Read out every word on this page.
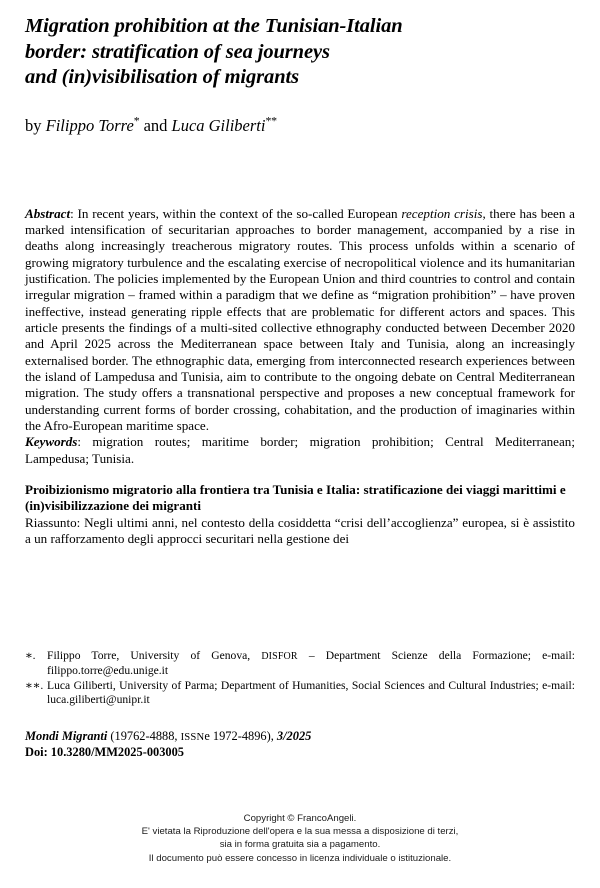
Migration prohibition at the Tunisian-Italian
border: stratification of sea journeys
and (in)visibilisation of migrants

by Filippo Torre* and Luca Giliberti**

Abstract: In recent years, within the context of the so-called European reception crisis, there has been a marked intensification of securitarian approaches to border management, accompanied by a rise in deaths along increasingly treacherous migratory routes. This process unfolds within a scenario of growing migratory turbulence and the escalating exercise of necropolitical violence and its humanitarian justification. The policies implemented by the European Union and third countries to control and contain irregular migration – framed within a paradigm that we define as “migration prohibition” – have proven ineffective, instead generating ripple effects that are problematic for different actors and spaces. This article presents the findings of a multi-sited collective ethnography conducted between December 2020 and April 2025 across the Mediterranean space between Italy and Tunisia, along an increasingly externalised border. The ethnographic data, emerging from interconnected research experiences between the island of Lampedusa and Tunisia, aim to contribute to the ongoing debate on Central Mediterranean migration. The study offers a transnational perspective and proposes a new conceptual framework for understanding current forms of border crossing, cohabitation, and the production of imaginaries within the Afro-European maritime space.

Keywords: migration routes; maritime border; migration prohibition; Central Mediterranean; Lampedusa; Tunisia.

Proibizionismo migratorio alla frontiera tra Tunisia e Italia: stratificazione dei viaggi marittimi e (in)visibilizzazione dei migranti

Riassunto: Negli ultimi anni, nel contesto della cosiddetta “crisi dell’accoglienza” europea, si è assistito a un rafforzamento degli approcci securitari nella gestione dei

∗.	Filippo Torre, University of Genova, DISFOR – Department Scienze della Formazione; e-mail: filippo.torre@edu.unige.it

∗∗. Luca Giliberti, University of Parma; Department of Humanities, Social Sciences and Cultural Industries; e-mail: luca.giliberti@unipr.it

Mondi Migranti (19762-4888, ISSNe 1972-4896), 3/2025
Doi: 10.3280/MM2025-003005
Copyright © FrancoAngeli.
E' vietata la Riproduzione dell'opera e la sua messa a disposizione di terzi,
sia in forma gratuita sia a pagamento.
Il documento può essere concesso in licenza individuale o istituzionale.
